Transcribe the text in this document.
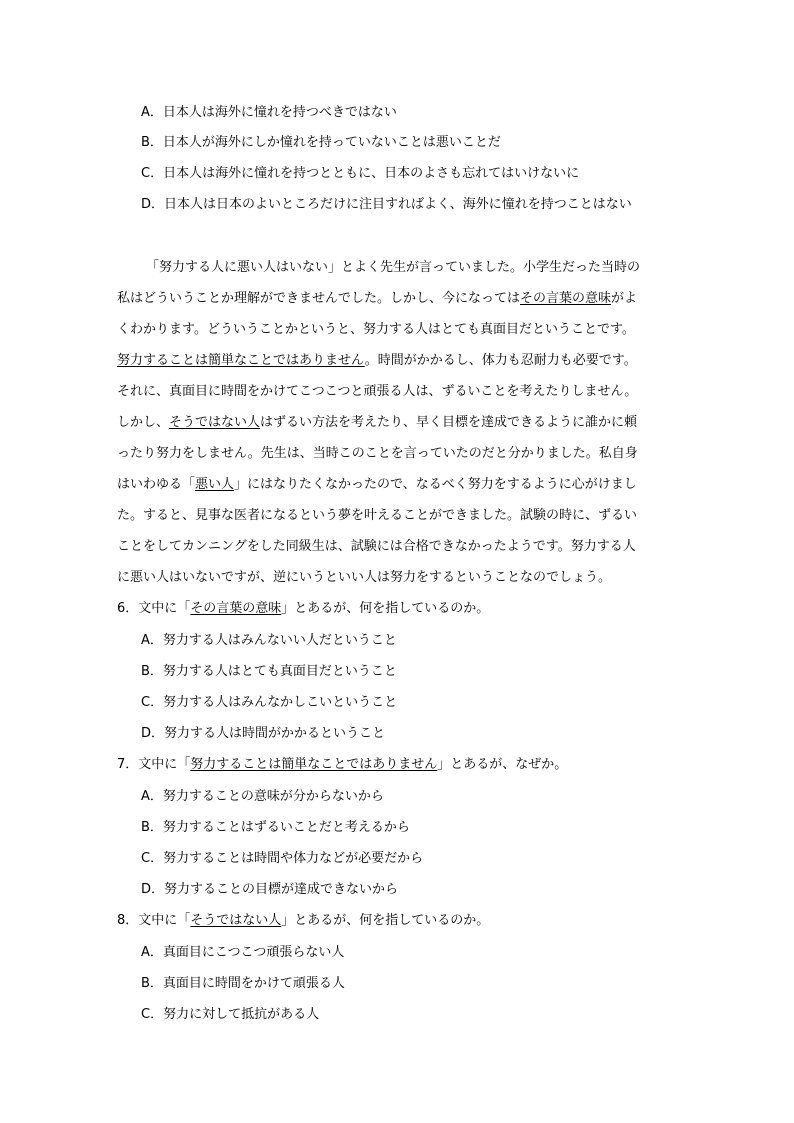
A．日本人は海外に憧れを持つべきではない
B．日本人が海外にしか憧れを持っていないことは悪いことだ
C．日本人は海外に憧れを持つとともに、日本のよさも忘れてはいけないに
D．日本人は日本のよいところだけに注目すればよく、海外に憧れを持つことはない
「努力する人に悪い人はいない」とよく先生が言っていました。小学生だった当時の
私はどういうことか理解ができませんでした。しかし、今になってはその言葉の意味がよ
くわかります。どういうことかというと、努力する人はとても真面目だということです。
努力することは簡単なことではありません。時間がかかるし、体力も忍耐力も必要です。
それに、真面目に時間をかけてこつこつと頑張る人は、ずるいことを考えたりしません。
しかし、そうではない人はずるい方法を考えたり、早く目標を達成できるように誰かに頼
ったり努力をしません。先生は、当時このことを言っていたのだと分かりました。私自身
はいわゆる「悪い人」にはなりたくなかったので、なるべく努力をするように心がけまし
た。すると、見事な医者になるという夢を叶えることができました。試験の時に、ずるい
ことをしてカンニングをした同級生は、試験には合格できなかったようです。努力する人
に悪い人はいないですが、逆にいうといい人は努力をするということなのでしょう。
6．文中に「その言葉の意味」とあるが、何を指しているのか。
A．努力する人はみんないい人だということ
B．努力する人はとても真面目だということ
C．努力する人はみんなかしこいということ
D．努力する人は時間がかかるということ
7．文中に「努力することは簡単なことではありません」とあるが、なぜか。
A．努力することの意味が分からないから
B．努力することはずるいことだと考えるから
C．努力することは時間や体力などが必要だから
D．努力することの目標が達成できないから
8．文中に「そうではない人」とあるが、何を指しているのか。
A．真面目にこつこつ頑張らない人
B．真面目に時間をかけて頑張る人
C．努力に対して抵抗がある人
